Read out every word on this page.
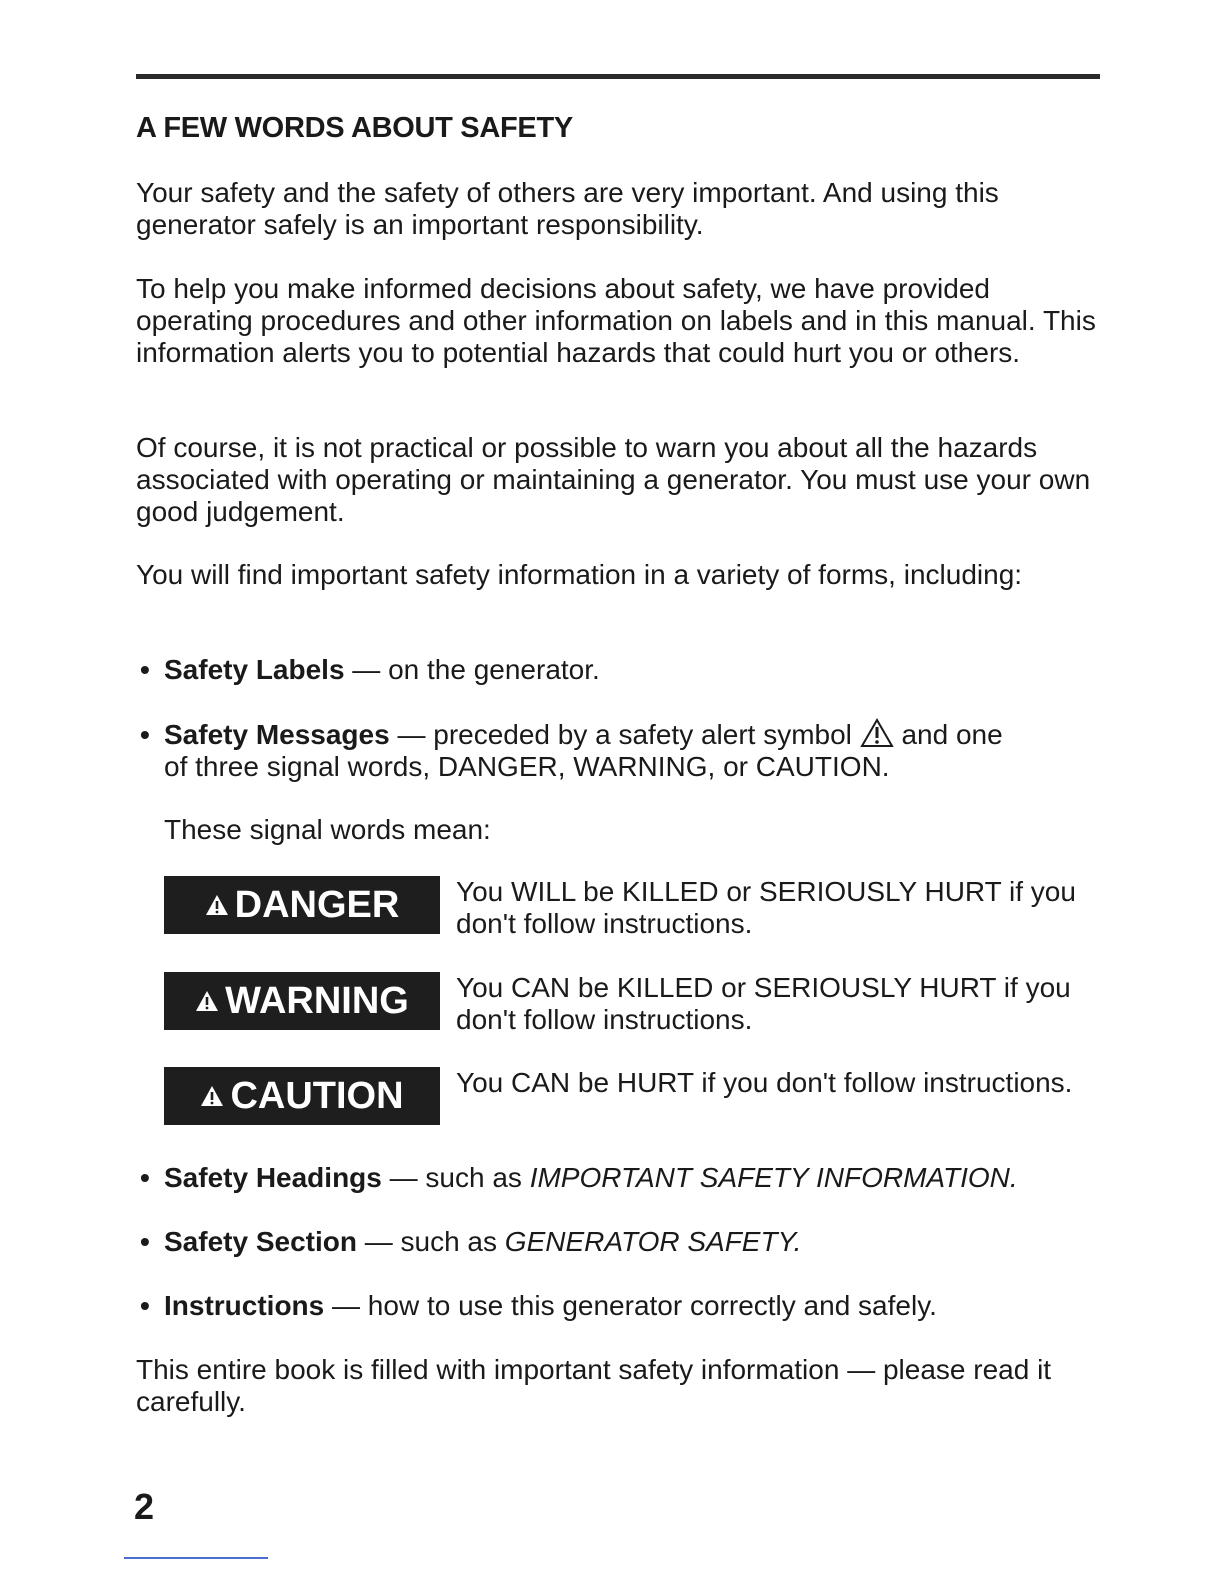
A FEW WORDS ABOUT SAFETY

Your safety and the safety of others are very important. And using this generator safely is an important responsibility.

To help you make informed decisions about safety, we have provided operating procedures and other information on labels and in this manual. This information alerts you to potential hazards that could hurt you or others.

Of course, it is not practical or possible to warn you about all the hazards associated with operating or maintaining a generator. You must use your own good judgement.

You will find important safety information in a variety of forms, including:

• Safety Labels — on the generator.

• Safety Messages — preceded by a safety alert symbol  and one
of three signal words, DANGER, WARNING, or CAUTION.

These signal words mean:

DANGER You WILL be KILLED or SERIOUSLY HURT if you don't follow instructions.

WARNING You CAN be KILLED or SERIOUSLY HURT if you don't follow instructions.

CAUTION You CAN be HURT if you don't follow instructions.

• Safety Headings — such as IMPORTANT SAFETY INFORMATION.

• Safety Section — such as GENERATOR SAFETY.

• Instructions — how to use this generator correctly and safely.

This entire book is filled with important safety information — please read it carefully.

2
